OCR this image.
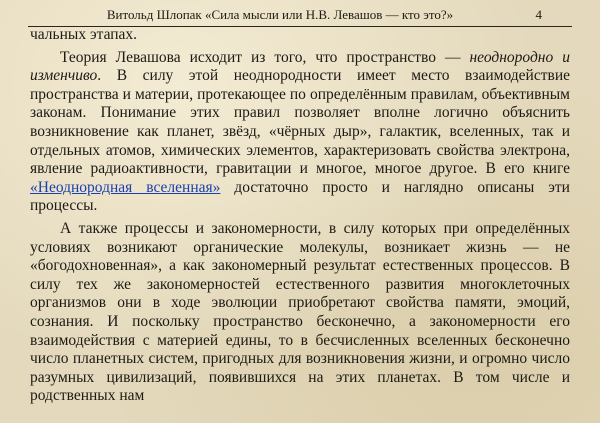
Витольд Шлопак «Сила мысли или Н.В. Левашов — кто это?»	4

чальных этапах.

Теория Левашова исходит из того, что пространство — неоднородно и изменчиво. В силу этой неоднородности имеет место взаимодействие пространства и материи, протекающее по определённым правилам, объективным законам. Понимание этих правил позволяет вполне логично объяснить возникновение как планет, звёзд, «чёрных дыр», галактик, вселенных, так и отдельных атомов, химических элементов, характеризовать свойства электрона, явление радиоактивности, гравитации и многое, многое другое. В его книге «Неоднородная вселенная» достаточно просто и наглядно описаны эти процессы.

А также процессы и закономерности, в силу которых при определённых условиях возникают органические молекулы, возникает жизнь — не «богодохновенная», а как закономерный результат естественных процессов. В силу тех же закономерностей естественного развития многоклеточных организмов они в ходе эволюции приобретают свойства памяти, эмоций, сознания. И поскольку пространство бесконечно, а закономерности его взаимодействия с материей едины, то в бесчисленных вселенных бесконечно число планетных систем, пригодных для возникновения жизни, и огромно число разумных цивилизаций, появившихся на этих планетах. В том числе и родственных нам
